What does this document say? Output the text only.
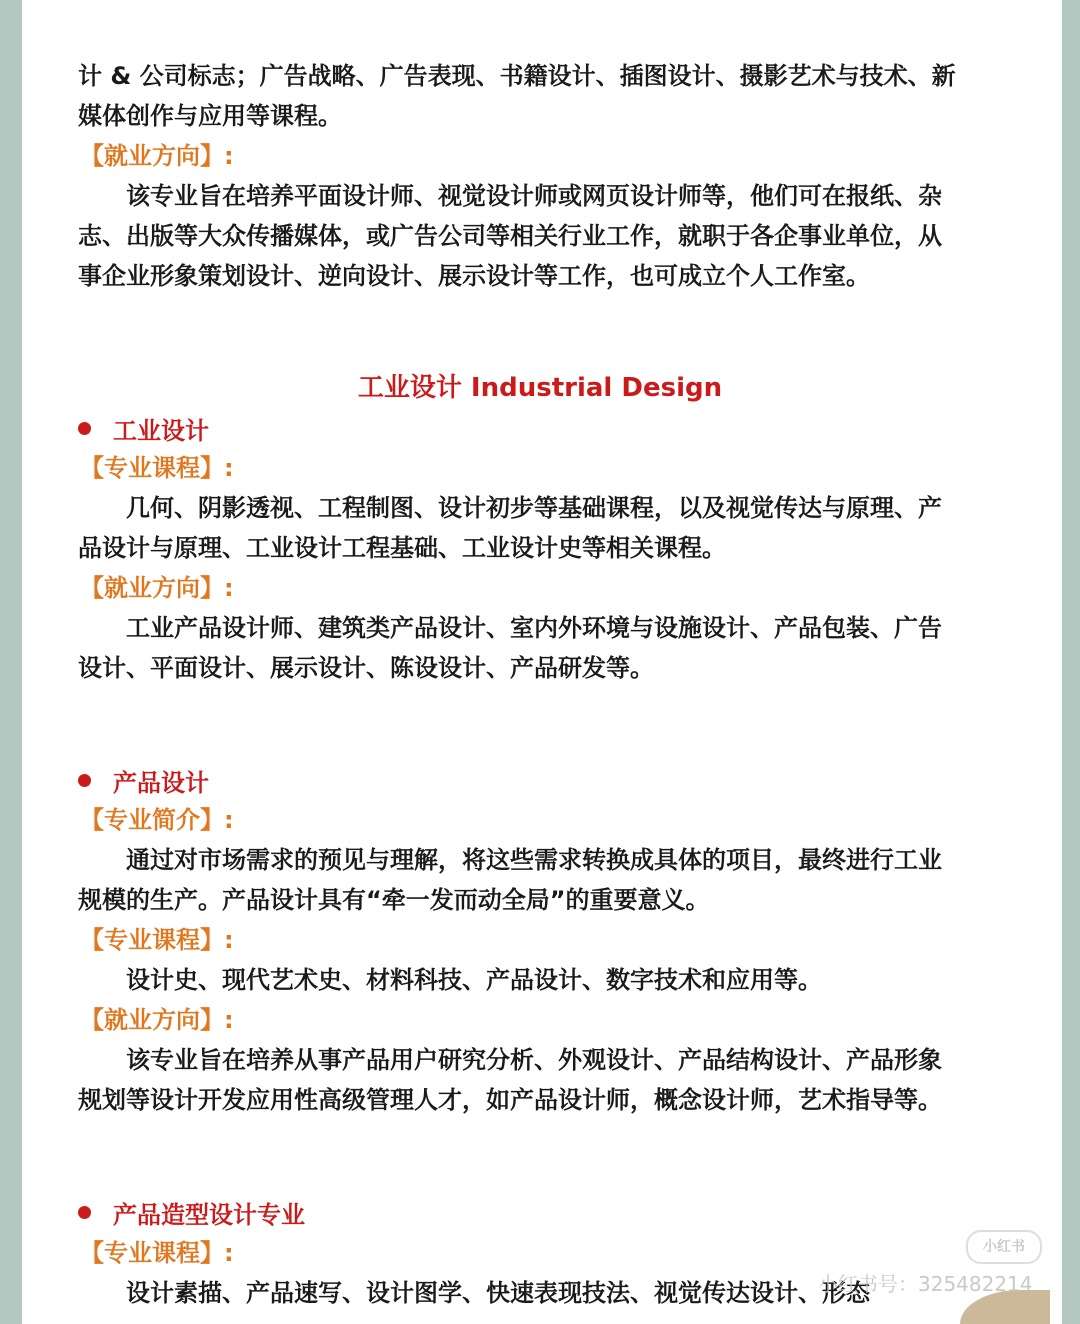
计 & 公司标志；广告战略、广告表现、书籍设计、插图设计、摄影艺术与技术、新

媒体创作与应用等课程。

【就业方向】:

　　该专业旨在培养平面设计师、视觉设计师或网页设计师等，他们可在报纸、杂

志、出版等大众传播媒体，或广告公司等相关行业工作，就职于各企事业单位，从

事企业形象策划设计、逆向设计、展示设计等工作，也可成立个人工作室。

工业设计 Industrial Design
工业设计

【专业课程】:

　　几何、阴影透视、工程制图、设计初步等基础课程，以及视觉传达与原理、产

品设计与原理、工业设计工程基础、工业设计史等相关课程。

【就业方向】:

　　工业产品设计师、建筑类产品设计、室内外环境与设施设计、产品包装、广告

设计、平面设计、展示设计、陈设设计、产品研发等。

产品设计

【专业简介】:

　　通过对市场需求的预见与理解，将这些需求转换成具体的项目，最终进行工业

规模的生产。产品设计具有“牵一发而动全局”的重要意义。

【专业课程】:

　　设计史、现代艺术史、材料科技、产品设计、数字技术和应用等。

【就业方向】:

　　该专业旨在培养从事产品用户研究分析、外观设计、产品结构设计、产品形象

规划等设计开发应用性高级管理人才，如产品设计师，概念设计师，艺术指导等。

产品造型设计专业

【专业课程】:

　　设计素描、产品速写、设计图学、快速表现技法、视觉传达设计、形态

小红书
小红书号：325482214
